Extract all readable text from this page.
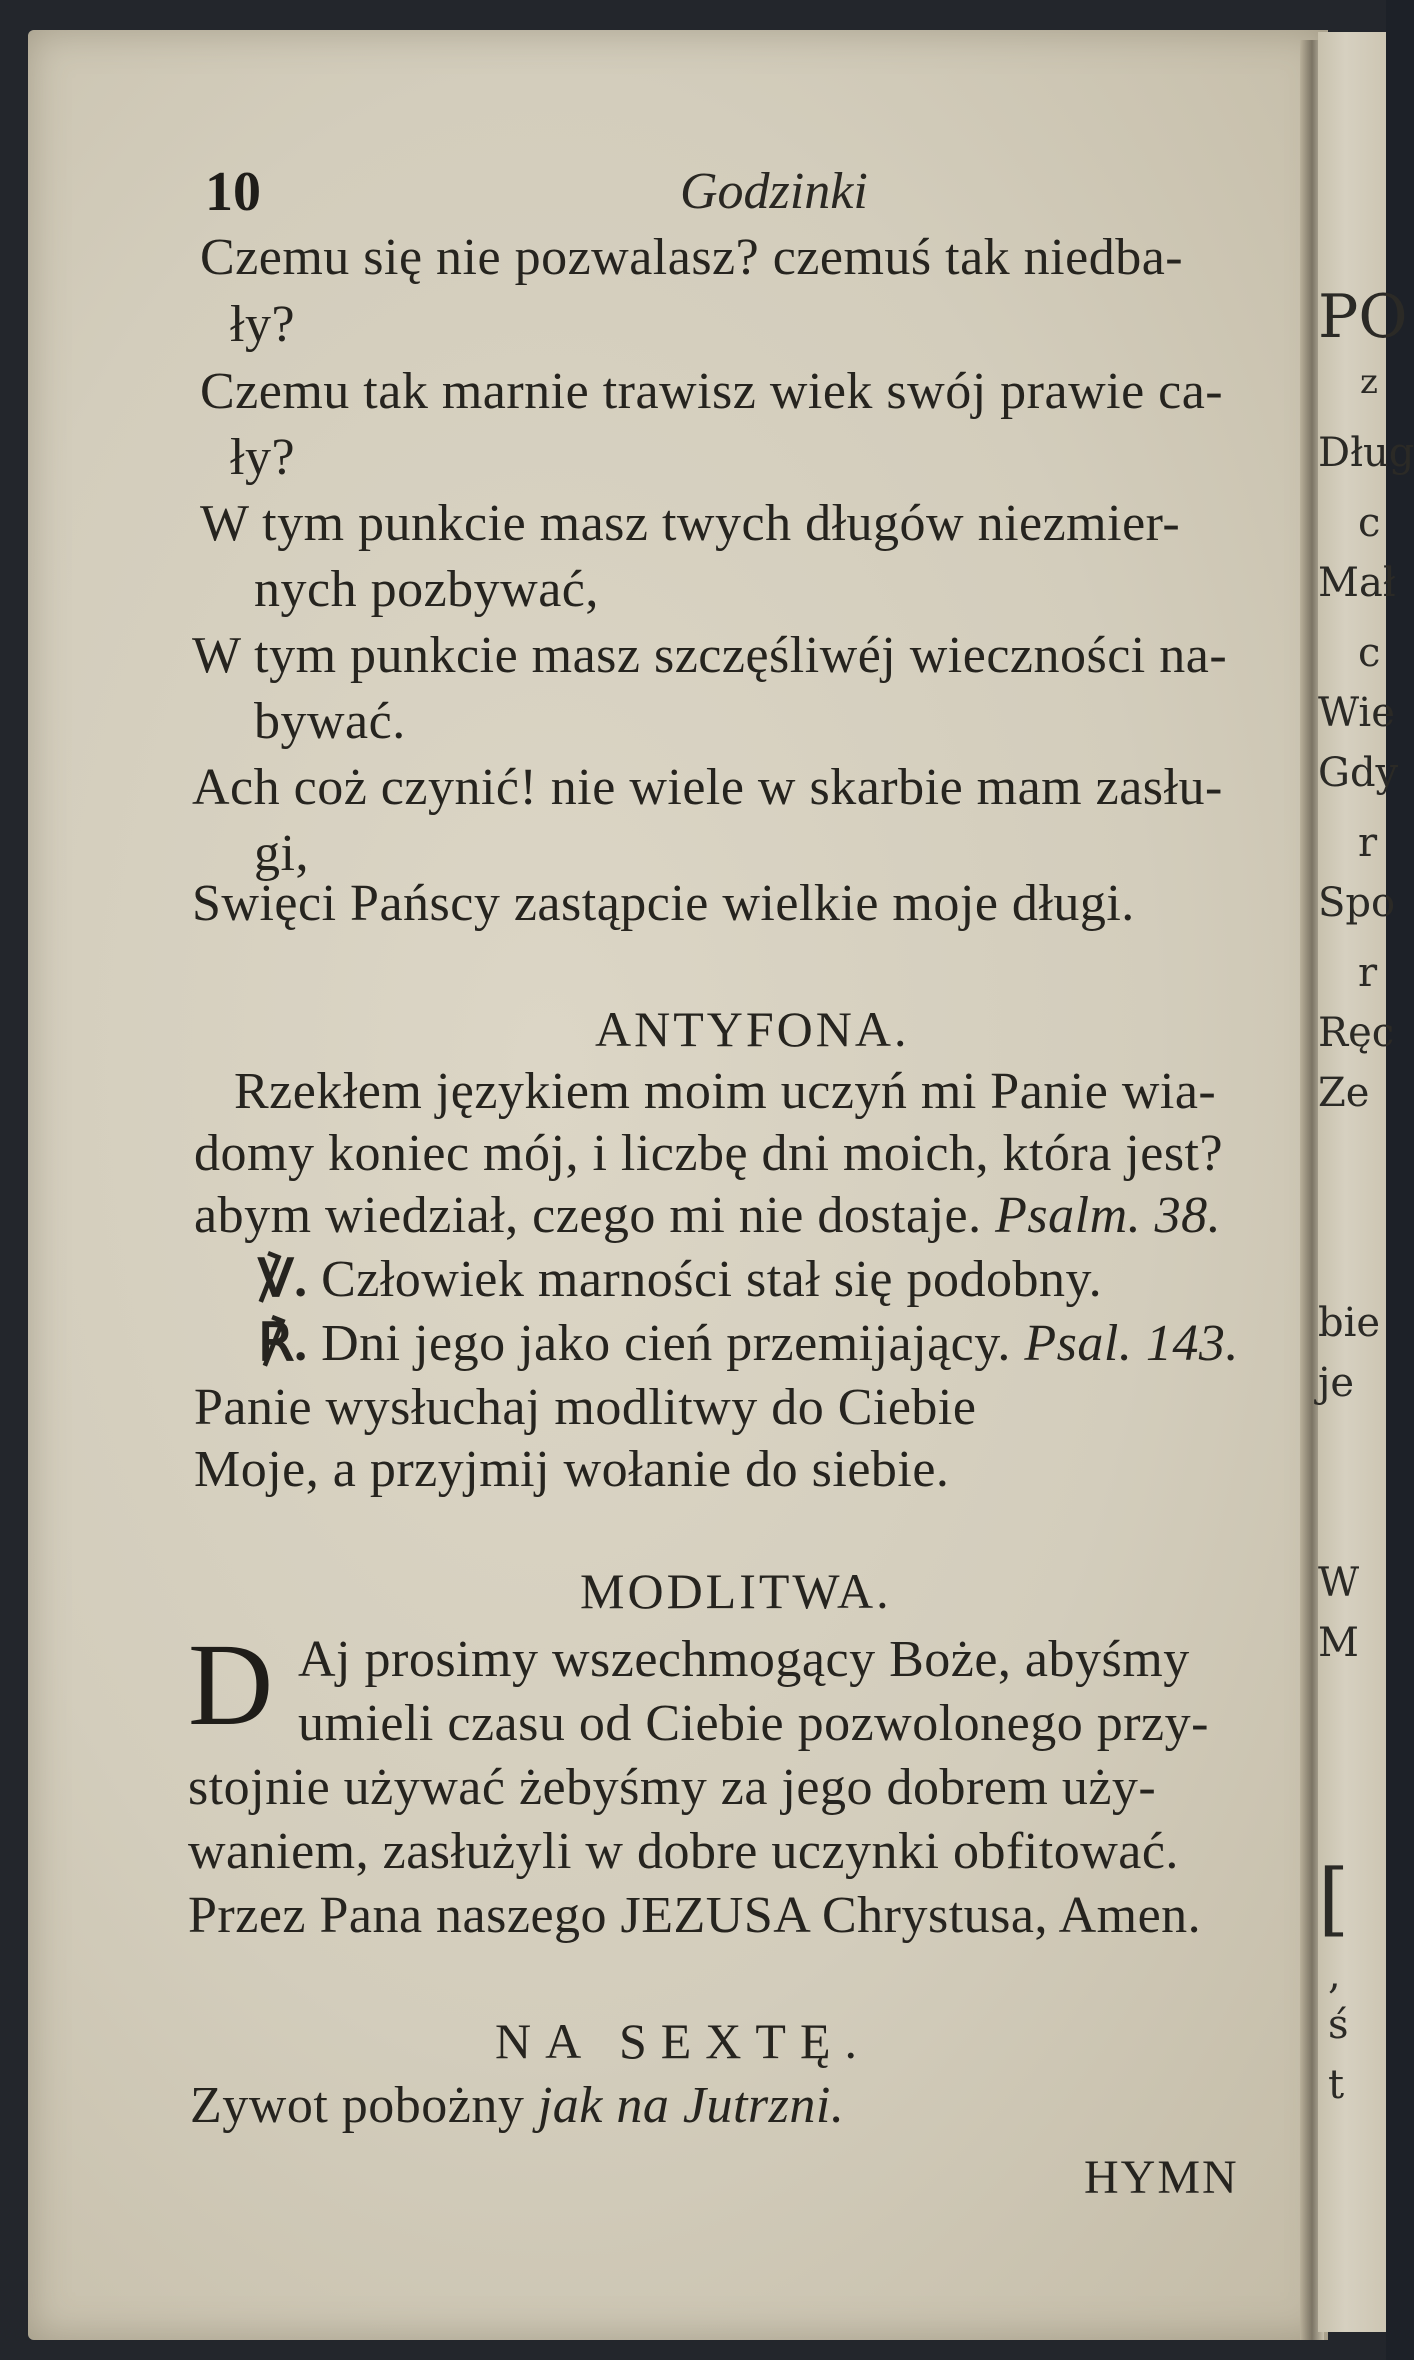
PO
z
Dług
c
Mał
c
Wie
Gdy
r
Spo
r
Ręc
Ze
bie
je
W
M
[
,
ś
t
10	Godzinki
Czemu się nie pozwalasz? czemuś tak niedba-
ły?
Czemu tak marnie trawisz wiek swój prawie ca-
ły?
W tym punkcie masz twych długów niezmier-
nych pozbywać,
W tym punkcie masz szczęśliwéj wieczności na-
bywać.
Ach coż czynić! nie wiele w skarbie mam zasłu-
gi,
Swięci Pańscy zastąpcie wielkie moje długi.
ANTYFONA.
Rzekłem językiem moim uczyń mi Panie wia-
domy koniec mój, i liczbę dni moich, która jest?
abym wiedział, czego mi nie dostaje. Psalm. 38.
℣. Człowiek marności stał się podobny.
℟. Dni jego jako cień przemijający. Psal. 143.
Panie wysłuchaj modlitwy do Ciebie
Moje, a przyjmij wołanie do siebie.
MODLITWA.
D Aj prosimy wszechmogący Boże, abyśmy
umieli czasu od Ciebie pozwolonego przy-
stojnie używać żebyśmy za jego dobrem uży-
waniem, zasłużyli w dobre uczynki obfitować.
Przez Pana naszego JEZUSA Chrystusa, Amen.
NA SEXTĘ.
Zywot pobożny jak na Jutrzni.
HYMN
